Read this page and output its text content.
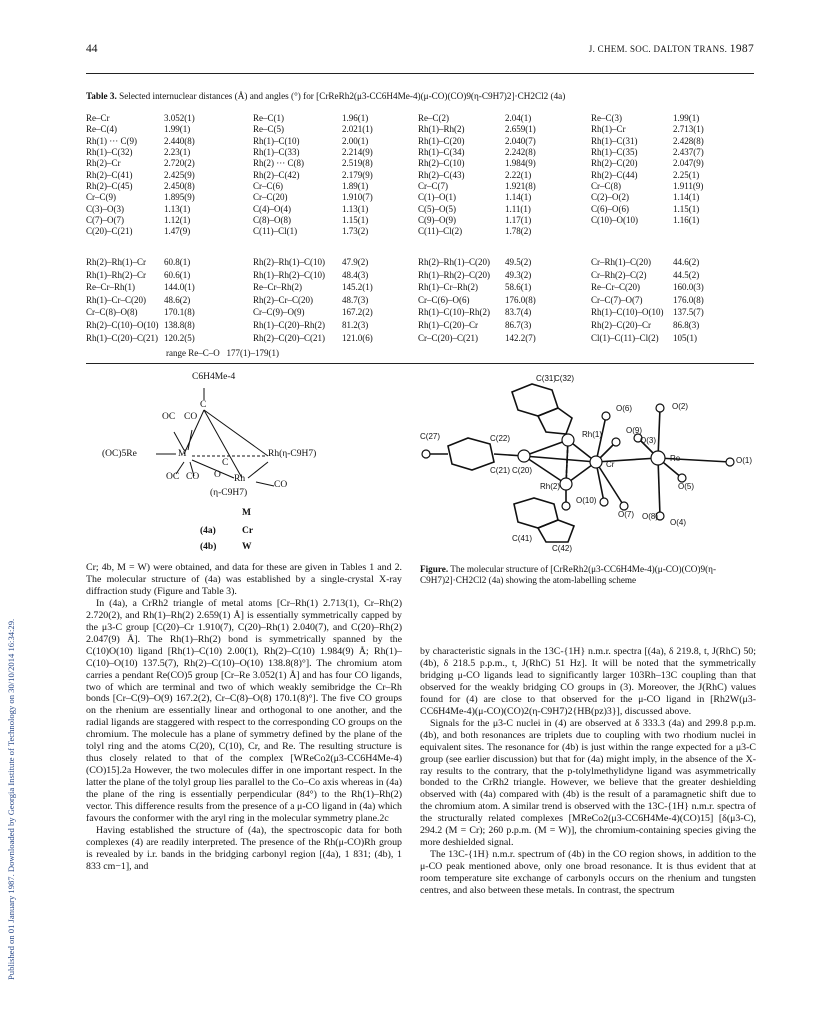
Published on 01 January 1987. Downloaded by Georgia Institute of Technology on 30/10/2014 16:34:29.
44	J. CHEM. SOC. DALTON TRANS. 1987
Table 3. Selected internuclear distances (Å) and angles (°) for [CrReRh2(μ3-CC6H4Me-4)(μ-CO)(CO)9(η-C9H7)2]·CH2Cl2 (4a)
Re–Cr	3.052(1)	Re–C(1)	1.96(1)	Re–C(2)	2.04(1)	Re–C(3)	1.99(1)
Re–C(4)	1.99(1)	Re–C(5)	2.021(1)	Rh(1)–Rh(2)	2.659(1)	Rh(1)–Cr	2.713(1)
Rh(1) ··· C(9)	2.440(8)	Rh(1)–C(10)	2.00(1)	Rh(1)–C(20)	2.040(7)	Rh(1)–C(31)	2.428(8)
Rh(1)–C(32)	2.23(1)	Rh(1)–C(33)	2.214(9)	Rh(1)–C(34)	2.242(8)	Rh(1)–C(35)	2.437(7)
Rh(2)–Cr	2.720(2)	Rh(2) ··· C(8)	2.519(8)	Rh(2)–C(10)	1.984(9)	Rh(2)–C(20)	2.047(9)
Rh(2)–C(41)	2.425(9)	Rh(2)–C(42)	2.179(9)	Rh(2)–C(43)	2.22(1)	Rh(2)–C(44)	2.25(1)
Rh(2)–C(45)	2.450(8)	Cr–C(6)	1.89(1)	Cr–C(7)	1.921(8)	Cr–C(8)	1.911(9)
Cr–C(9)	1.895(9)	Cr–C(20)	1.910(7)	C(1)–O(1)	1.14(1)	C(2)–O(2)	1.14(1)
C(3)–O(3)	1.13(1)	C(4)–O(4)	1.13(1)	C(5)–O(5)	1.11(1)	C(6)–O(6)	1.15(1)
C(7)–O(7)	1.12(1)	C(8)–O(8)	1.15(1)	C(9)–O(9)	1.17(1)	C(10)–O(10)	1.16(1)
C(20)–C(21)	1.47(9)	C(11)–Cl(1)	1.73(2)	C(11)–Cl(2)	1.78(2)
Rh(2)–Rh(1)–Cr 60.8(1)	Rh(2)–Rh(1)–C(10) 47.9(2)	Rh(2)–Rh(1)–C(20) 49.5(2)	Cr–Rh(1)–C(20) 44.6(2)
Rh(1)–Rh(2)–Cr 60.6(1)	Rh(1)–Rh(2)–C(10) 48.4(3)	Rh(1)–Rh(2)–C(20) 49.3(2)	Cr–Rh(2)–C(2)	44.5(2)
Re–Cr–Rh(1)	144.0(1)	Re–Cr–Rh(2)	145.2(1)	Rh(1)–Cr–Rh(2)	58.6(1)	Re–Cr–C(20)	160.0(3)
Rh(1)–Cr–C(20) 48.6(2)	Rh(2)–Cr–C(20)	48.7(3)	Cr–C(6)–O(6)	176.0(8)	Cr–C(7)–O(7)	176.0(8)
Cr–C(8)–O(8)	170.1(8)	Cr–C(9)–O(9)	167.2(2)	Rh(1)–C(10)–Rh(2) 83.7(4)	Rh(1)–C(10)–O(10) 137.5(7)
Rh(2)–C(10)–O(10) 138.8(8)	Rh(1)–C(20)–Rh(2) 81.2(3)	Rh(1)–C(20)–Cr	86.7(3)	Rh(2)–C(20)–Cr 86.8(3)
Rh(1)–C(20)–C(21) 120.2(5)	Rh(2)–C(20)–C(21) 121.0(6)	Cr–C(20)–C(21)	142.2(7)	Cl(1)–C(11)–Cl(2) 105(1)
range Re–C–O 177(1)–179(1)
C6H4Me-4
C
OC CO
O
C
(OC)5Re	M	Rh(η-C9H7)
OC CO	Rh
CO
(η-C9H7)
M
(4a)	Cr
(4b)	W
C(31)
C(32)
O(6)	O(2)
O(9)
Rh(1)
C(27)	C(22)	O(3)
Re	O(1)
C(21) C(20)
Cr
O(5)
Rh(2)
O(10)
O(7) O(8)
O(4)
C(41)
C(42)
Figure. The molecular structure of [CrReRh2(μ3-CC6H4Me-4)(μ-CO)(CO)9(η-C9H7)2]·CH2Cl2 (4a) showing the atom-labelling scheme

Cr; 4b, M = W) were obtained, and data for these are given in Tables 1 and 2. The molecular structure of (4a) was established by a single-crystal X-ray diffraction study (Figure and Table 3).

In (4a), a CrRh2 triangle of metal atoms [Cr–Rh(1) 2.713(1), Cr–Rh(2) 2.720(2), and Rh(1)–Rh(2) 2.659(1) Å] is essentially symmetrically capped by the μ3-C group [C(20)–Cr 1.910(7), C(20)–Rh(1) 2.040(7), and C(20)–Rh(2) 2.047(9) Å]. The Rh(1)–Rh(2) bond is symmetrically spanned by the C(10)O(10) ligand [Rh(1)–C(10) 2.00(1), Rh(2)–C(10) 1.984(9) Å; Rh(1)–C(10)–O(10) 137.5(7), Rh(2)–C(10)–O(10) 138.8(8)°]. The chromium atom carries a pendant Re(CO)5 group [Cr–Re 3.052(1) Å] and has four CO ligands, two of which are terminal and two of which weakly semibridge the Cr–Rh bonds [Cr–C(9)–O(9) 167.2(2), Cr–C(8)–O(8) 170.1(8)°]. The five CO groups on the rhenium are essentially linear and orthogonal to one another, and the radial ligands are staggered with respect to the corresponding CO groups on the chromium. The molecule has a plane of symmetry defined by the plane of the tolyl ring and the atoms C(20), C(10), Cr, and Re. The resulting structure is thus closely related to that of the complex [WReCo2(μ3-CC6H4Me-4)(CO)15].2a However, the two molecules differ in one important respect. In the latter the plane of the tolyl group lies parallel to the Co–Co axis whereas in (4a) the plane of the ring is essentially perpendicular (84°) to the Rh(1)–Rh(2) vector. This difference results from the presence of a μ-CO ligand in (4a) which favours the conformer with the aryl ring in the molecular symmetry plane.2c

Having established the structure of (4a), the spectroscopic data for both complexes (4) are readily interpreted. The presence of the Rh(μ-CO)Rh group is revealed by i.r. bands in the bridging carbonyl region [(4a), 1 831; (4b), 1 833 cm−1], and

by characteristic signals in the 13C-{1H} n.m.r. spectra [(4a), δ 219.8, t, J(RhC) 50; (4b), δ 218.5 p.p.m., t, J(RhC) 51 Hz]. It will be noted that the symmetrically bridging μ-CO ligands lead to significantly larger 103Rh–13C coupling than that observed for the weakly bridging CO groups in (3). Moreover, the J(RhC) values found for (4) are close to that observed for the μ-CO ligand in [Rh2W(μ3-CC6H4Me-4)(μ-CO)(CO)2(η-C9H7)2{HB(pz)3}], discussed above.

Signals for the μ3-C nuclei in (4) are observed at δ 333.3 (4a) and 299.8 p.p.m. (4b), and both resonances are triplets due to coupling with two rhodium nuclei in equivalent sites. The resonance for (4b) is just within the range expected for a μ3-C group (see earlier discussion) but that for (4a) might imply, in the absence of the X-ray results to the contrary, that the p-tolylmethylidyne ligand was asymmetrically bonded to the CrRh2 triangle. However, we believe that the greater deshielding observed with (4a) compared with (4b) is the result of a paramagnetic shift due to the chromium atom. A similar trend is observed with the 13C-{1H} n.m.r. spectra of the structurally related complexes [MReCo2(μ3-CC6H4Me-4)(CO)15] [δ(μ3-C), 294.2 (M = Cr); 260 p.p.m. (M = W)], the chromium-containing species giving the more deshielded signal.

The 13C-{1H} n.m.r. spectrum of (4b) in the CO region shows, in addition to the μ-CO peak mentioned above, only one broad resonance. It is thus evident that at room temperature site exchange of carbonyls occurs on the rhenium and tungsten centres, and also between these metals. In contrast, the spectrum
